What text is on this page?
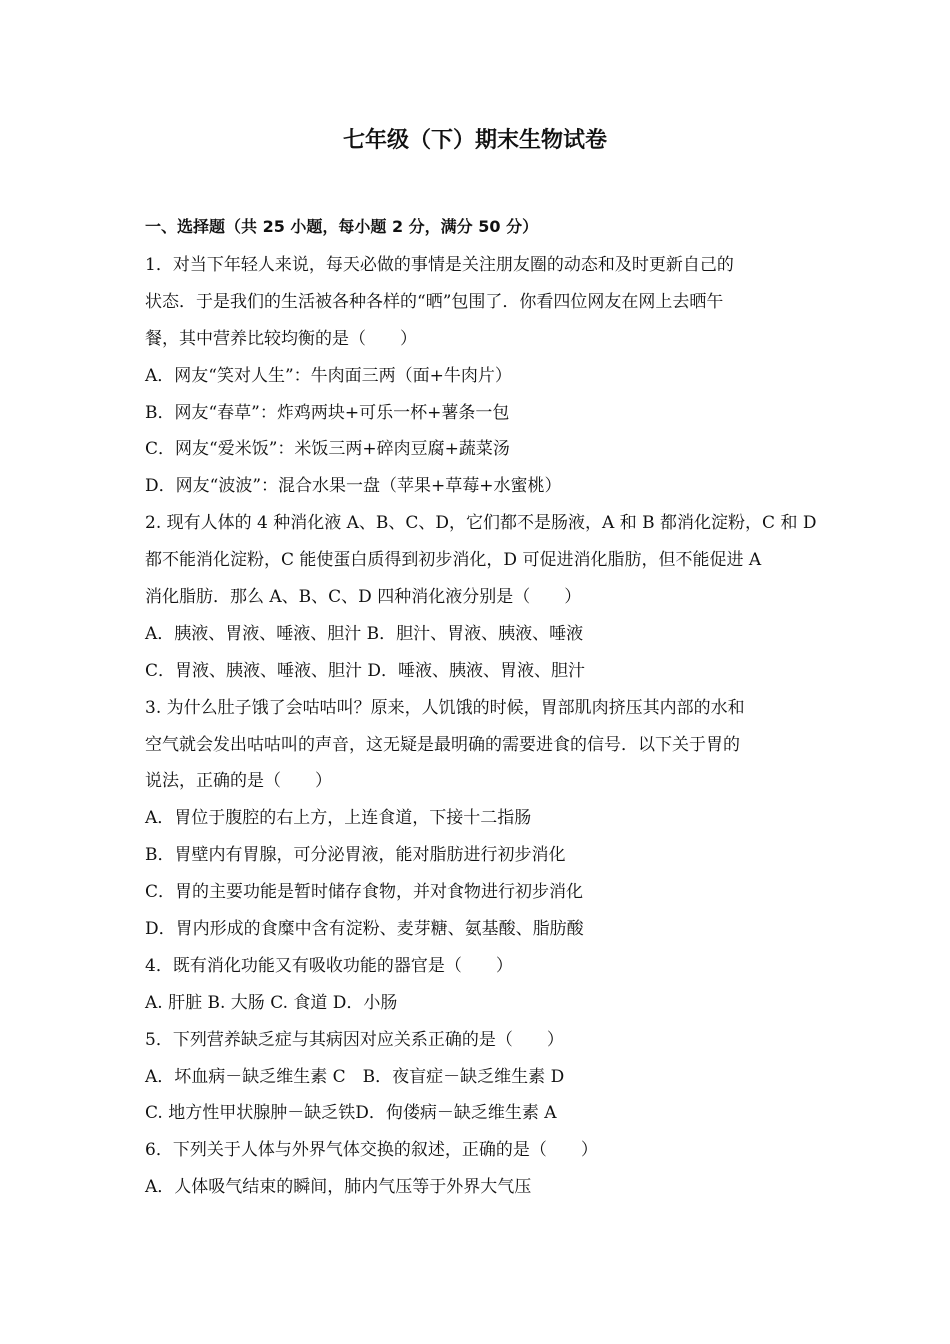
七年级（下）期末生物试卷
一、选择题（共 25 小题，每小题 2 分，满分 50 分）
1．对当下年轻人来说，每天必做的事情是关注朋友圈的动态和及时更新自己的
状态．于是我们的生活被各种各样的“晒”包围了．你看四位网友在网上去晒午
餐，其中营养比较均衡的是（　　）
A．网友“笑对人生”：牛肉面三两（面+牛肉片）
B．网友“春草”：炸鸡两块+可乐一杯+薯条一包
C．网友“爱米饭”：米饭三两+碎肉豆腐+蔬菜汤
D．网友“波波”：混合水果一盘（苹果+草莓+水蜜桃）
2. 现有人体的 4 种消化液 A、B、C、D，它们都不是肠液，A 和 B 都消化淀粉，C 和 D
都不能消化淀粉，C 能使蛋白质得到初步消化，D 可促进消化脂肪，但不能促进 A
消化脂肪．那么 A、B、C、D 四种消化液分别是（　　）
A．胰液、胃液、唾液、胆汁 B．胆汁、胃液、胰液、唾液
C．胃液、胰液、唾液、胆汁 D．唾液、胰液、胃液、胆汁
3. 为什么肚子饿了会咕咕叫？原来，人饥饿的时候，胃部肌肉挤压其内部的水和
空气就会发出咕咕叫的声音，这无疑是最明确的需要进食的信号．以下关于胃的
说法，正确的是（　　）
A．胃位于腹腔的右上方，上连食道，下接十二指肠
B．胃壁内有胃腺，可分泌胃液，能对脂肪进行初步消化
C．胃的主要功能是暂时储存食物，并对食物进行初步消化
D．胃内形成的食糜中含有淀粉、麦芽糖、氨基酸、脂肪酸
4．既有消化功能又有吸收功能的器官是（　　）
A. 肝脏 B. 大肠 C. 食道 D．小肠
5．下列营养缺乏症与其病因对应关系正确的是（　　）
A．坏血病－缺乏维生素 C　B．夜盲症－缺乏维生素 D
C. 地方性甲状腺肿－缺乏铁D．佝偻病－缺乏维生素 A
6．下列关于人体与外界气体交换的叙述，正确的是（　　）
A．人体吸气结束的瞬间，肺内气压等于外界大气压
